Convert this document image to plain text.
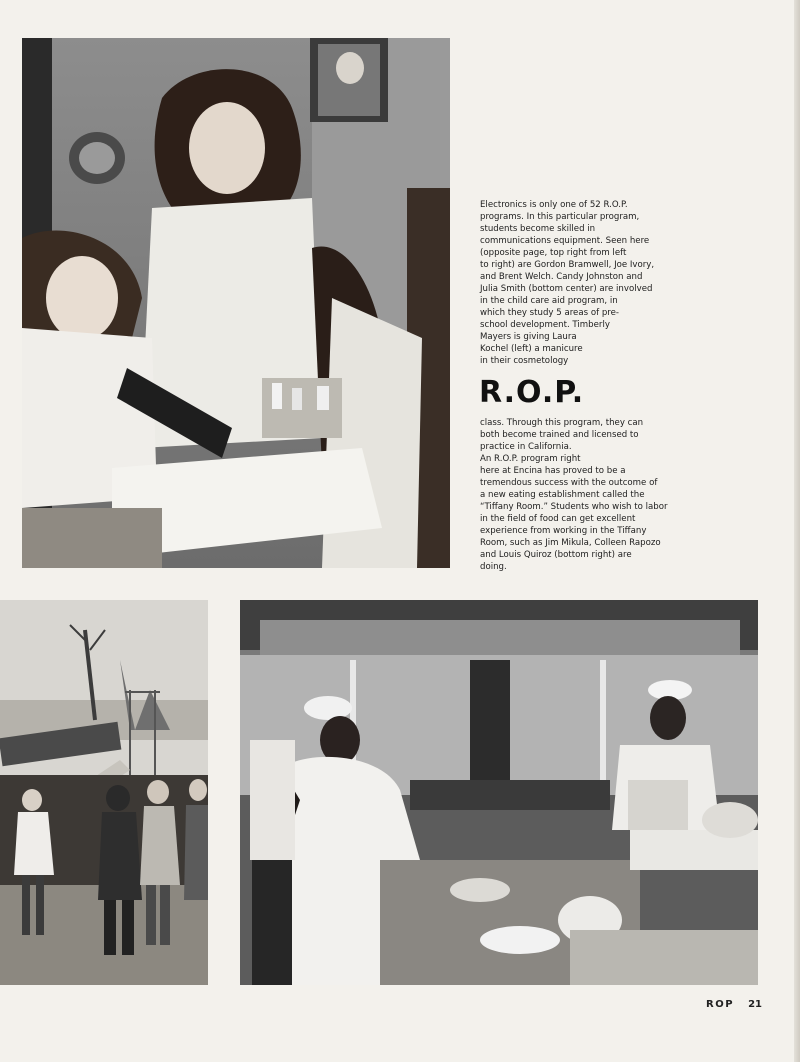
Electronics is only one of 52 R.O.P.

programs. In this particular program,

students become skilled in

communications equipment. Seen here

(opposite page, top right from left

to right) are Gordon Bramwell, Joe Ivory,

and Brent Welch. Candy Johnston and

Julia Smith (bottom center) are involved

in the child care aid program, in

which they study 5 areas of pre-

school development. Timberly

Mayers is giving Laura

Kochel (left) a manicure

in their cosmetology

R.O.P.

class. Through this program, they can

both become trained and licensed to

practice in California.

An R.O.P. program right

here at Encina has proved to be a

tremendous success with the outcome of

a new eating establishment called the

“Tiffany Room.” Students who wish to labor

in the field of food can get excellent

experience from working in the Tiffany

Room, such as Jim Mikula, Colleen Rapozo

and Louis Quiroz (bottom right) are

doing.

ROP 21
